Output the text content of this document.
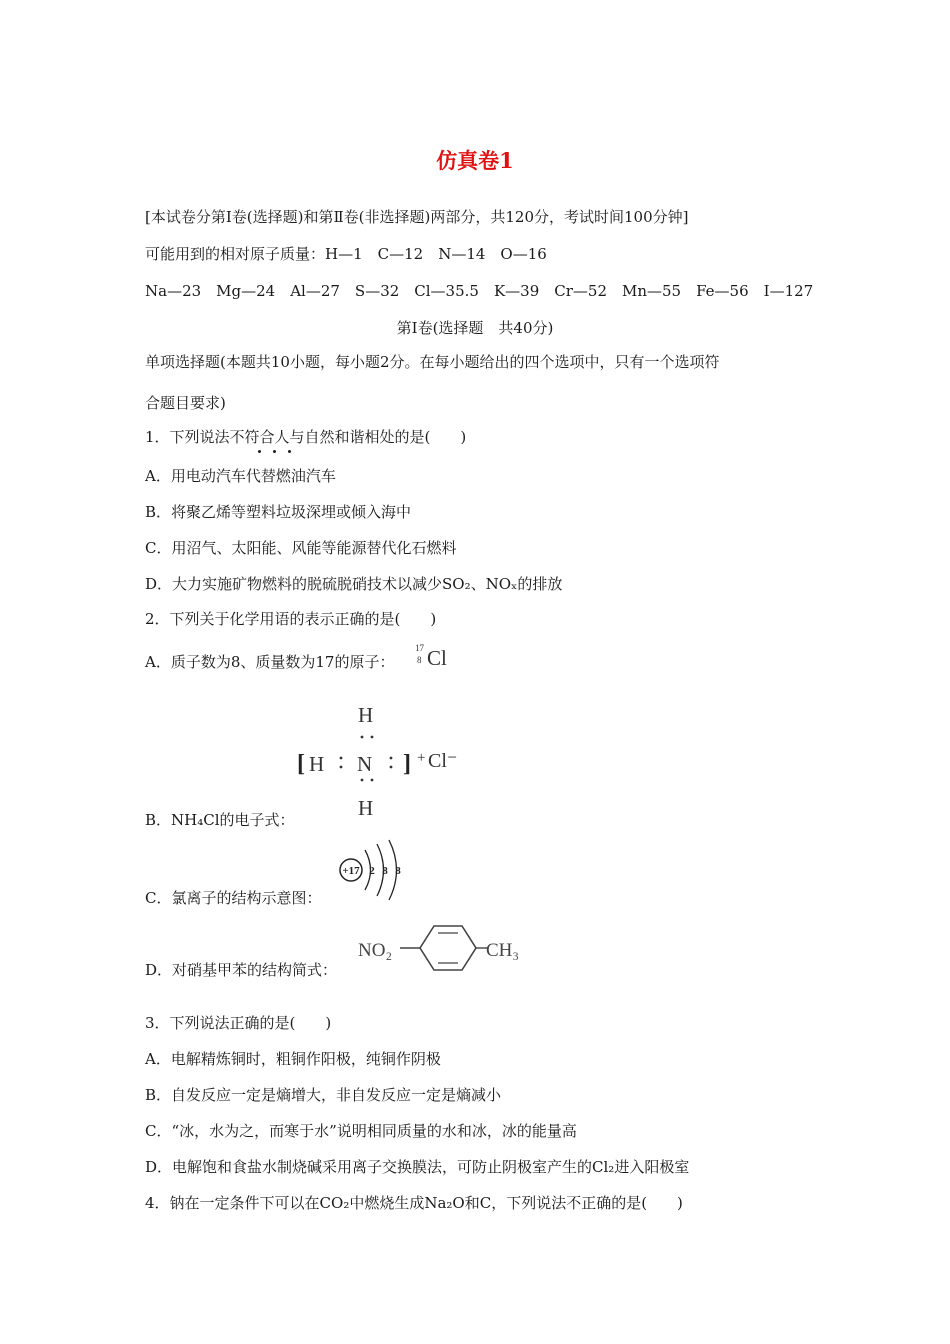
仿真卷1
[本试卷分第Ⅰ卷(选择题)和第Ⅱ卷(非选择题)两部分，共120分，考试时间100分钟]
可能用到的相对原子质量：H—1　C—12　N—14　O—16
Na—23　Mg—24　Al—27　S—32　Cl—35.5　K—39　Cr—52　Mn—55　Fe—56　I—127
第Ⅰ卷(选择题　共40分)
单项选择题(本题共10小题，每小题2分。在每小题给出的四个选项中，只有一个选项符
合题目要求)
1．下列说法不符合人与自然和谐相处的是(　　)
A．用电动汽车代替燃油汽车
B．将聚乙烯等塑料垃圾深埋或倾入海中
C．用沼气、太阳能、风能等能源替代化石燃料
D．大力实施矿物燃料的脱硫脱硝技术以减少SO₂、NOₓ的排放
2．下列关于化学用语的表示正确的是(　　)
A．质子数为8、质量数为17的原子：
17
8 Cl
H
[ H N ] + Cl⁻
H
B．NH₄Cl的电子式：
+17 2 8 8
C．氯离子的结构示意图：
NO₂	CH₃
D．对硝基甲苯的结构简式：
3．下列说法正确的是(　　)
A．电解精炼铜时，粗铜作阳极，纯铜作阴极
B．自发反应一定是熵增大，非自发反应一定是熵减小
C．“冰，水为之，而寒于水”说明相同质量的水和冰，冰的能量高
D．电解饱和食盐水制烧碱采用离子交换膜法，可防止阴极室产生的Cl₂进入阳极室
4．钠在一定条件下可以在CO₂中燃烧生成Na₂O和C，下列说法不正确的是(　　)
